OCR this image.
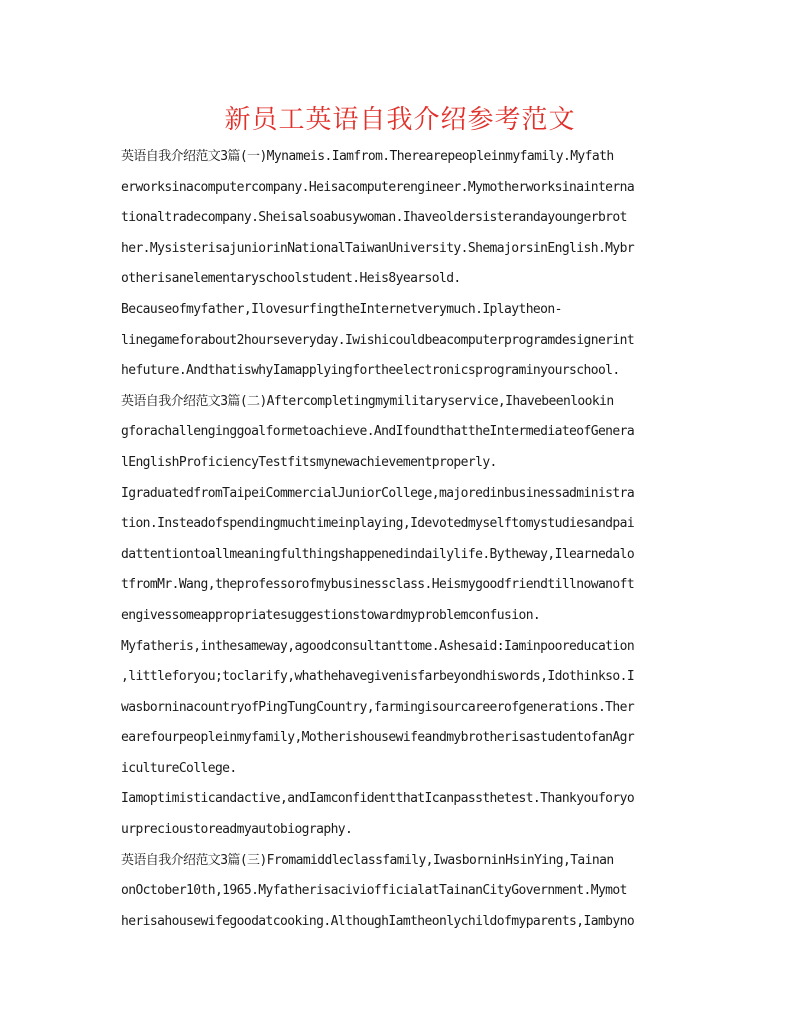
新员工英语自我介绍参考范文
英语自我介绍范文3篇(一)Mynameis.Iamfrom.Therearepeopleinmyfamily.Myfath
erworksinacomputercompany.Heisacomputerengineer.Mymotherworksinainterna
tionaltradecompany.Sheisalsoabusywoman.Ihaveoldersisterandayoungerbrot
her.MysisterisajuniorinNationalTaiwanUniversity.ShemajorsinEnglish.Mybr
otherisanelementaryschoolstudent.Heis8yearsold.
Becauseofmyfather,IlovesurfingtheInternetverymuch.Iplaytheon-
linegameforabout2hourseveryday.Iwishicouldbeacomputerprogramdesignerint
hefuture.AndthatiswhyIamapplyingfortheelectronicsprograminyourschool.
英语自我介绍范文3篇(二)Aftercompletingmymilitaryservice,Ihavebeenlookin
gforachallenginggoalformetoachieve.AndIfoundthattheIntermediateofGenera
lEnglishProficiencyTestfitsmynewachievementproperly.
IgraduatedfromTaipeiCommercialJuniorCollege,majoredinbusinessadministra
tion.Insteadofspendingmuchtimeinplaying,Idevotedmyselftomystudiesandpai
dattentiontoallmeaningfulthingshappenedindailylife.Bytheway,Ilearnedalo
tfromMr.Wang,theprofessorofmybusinessclass.Heismygoodfriendtillnowanoft
engivessomeappropriatesuggestionstowardmyproblemconfusion.
Myfatheris,inthesameway,agoodconsultanttome.Ashesaid:Iaminpooreducation
,littleforyou;toclarify,whathehavegivenisfarbeyondhiswords,Idothinkso.I
wasborninacountryofPingTungCountry,farmingisourcareerofgenerations.Ther
earefourpeopleinmyfamily,MotherishousewifeandmybrotherisastudentofanAgr
icultureCollege.
Iamoptimisticandactive,andIamconfidentthatIcanpassthetest.Thankyouforyo
urprecioustoreadmyautobiography.
英语自我介绍范文3篇(三)Fromamiddleclassfamily,IwasborninHsinYing,Tainan
onOctober10th,1965.MyfatherisaciviofficialatTainanCityGovernment.Mymot
herisahousewifegoodatcooking.AlthoughIamtheonlychildofmyparents,Iambyno
